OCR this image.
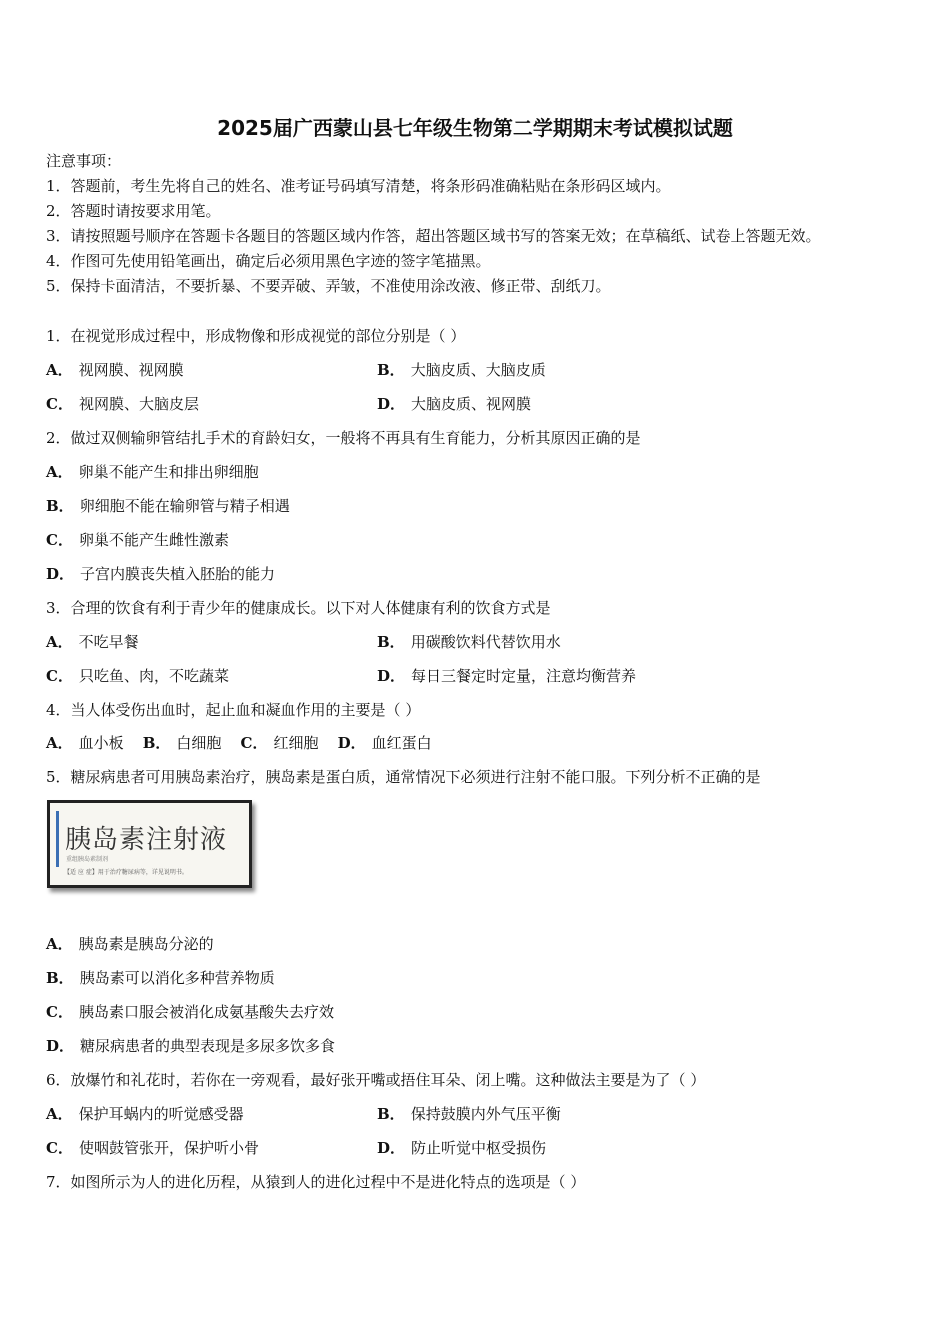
2025届广西蒙山县七年级生物第二学期期末考试模拟试题
注意事项：
1．答题前，考生先将自己的姓名、准考证号码填写清楚，将条形码准确粘贴在条形码区域内。
2．答题时请按要求用笔。
3．请按照题号顺序在答题卡各题目的答题区域内作答，超出答题区域书写的答案无效；在草稿纸、试卷上答题无效。
4．作图可先使用铅笔画出，确定后必须用黑色字迹的签字笔描黑。
5．保持卡面清洁，不要折暴、不要弄破、弄皱，不准使用涂改液、修正带、刮纸刀。
1．在视觉形成过程中，形成物像和形成视觉的部位分别是（ ）
A． 视网膜、视网膜	B． 大脑皮质、大脑皮质
C． 视网膜、大脑皮层	D． 大脑皮质、视网膜
2．做过双侧输卵管结扎手术的育龄妇女，一般将不再具有生育能力，分析其原因正确的是
A． 卵巢不能产生和排出卵细胞
B． 卵细胞不能在输卵管与精子相遇
C． 卵巢不能产生雌性激素
D． 子宫内膜丧失植入胚胎的能力
3．合理的饮食有利于青少年的健康成长。以下对人体健康有利的饮食方式是
A． 不吃早餐	B． 用碳酸饮料代替饮用水
C． 只吃鱼、肉，不吃蔬菜	D． 每日三餐定时定量，注意均衡营养
4．当人体受伤出血时，起止血和凝血作用的主要是（ ）
A． 血小板 B． 白细胞 C． 红细胞 D． 血红蛋白
5．糖尿病患者可用胰岛素治疗，胰岛素是蛋白质，通常情况下必须进行注射不能口服。下列分析不正确的是
胰岛素注射液
重组胰岛素制剂
【适 应 症】用于治疗糖尿病等，详见说明书。
A． 胰岛素是胰岛分泌的
B． 胰岛素可以消化多种营养物质
C． 胰岛素口服会被消化成氨基酸失去疗效
D． 糖尿病患者的典型表现是多尿多饮多食
6．放爆竹和礼花时，若你在一旁观看，最好张开嘴或捂住耳朵、闭上嘴。这种做法主要是为了（ ）
A． 保护耳蜗内的听觉感受器	B． 保持鼓膜内外气压平衡
C． 使咽鼓管张开，保护听小骨	D． 防止听觉中枢受损伤
7．如图所示为人的进化历程，从猿到人的进化过程中不是进化特点的选项是（ ）
